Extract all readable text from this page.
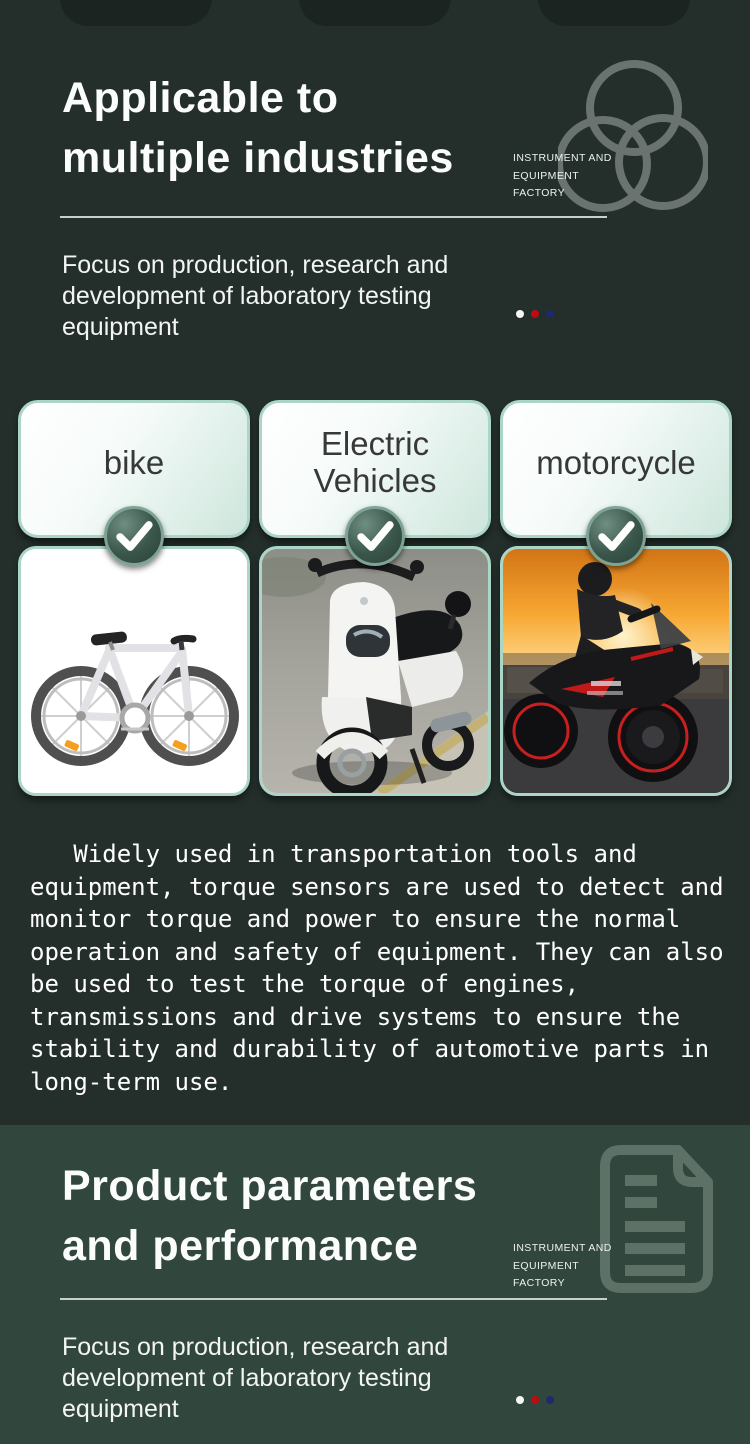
Applicable to
multiple industries	INSTRUMENT AND
EQUIPMENT
FACTORY
Focus on production, research and
development of laboratory testing
equipment
bike	Electric Vehicles	motorcycle
Widely used in transportation tools and equipment, torque sensors are used to detect and monitor torque and power to ensure the normal operation and safety of equipment. They can also be used to test the torque of engines, transmissions and drive systems to ensure the stability and durability of automotive parts in long-term use.
Product parameters
and performance	INSTRUMENT AND
EQUIPMENT
FACTORY
Focus on production, research and
development of laboratory testing
equipment
